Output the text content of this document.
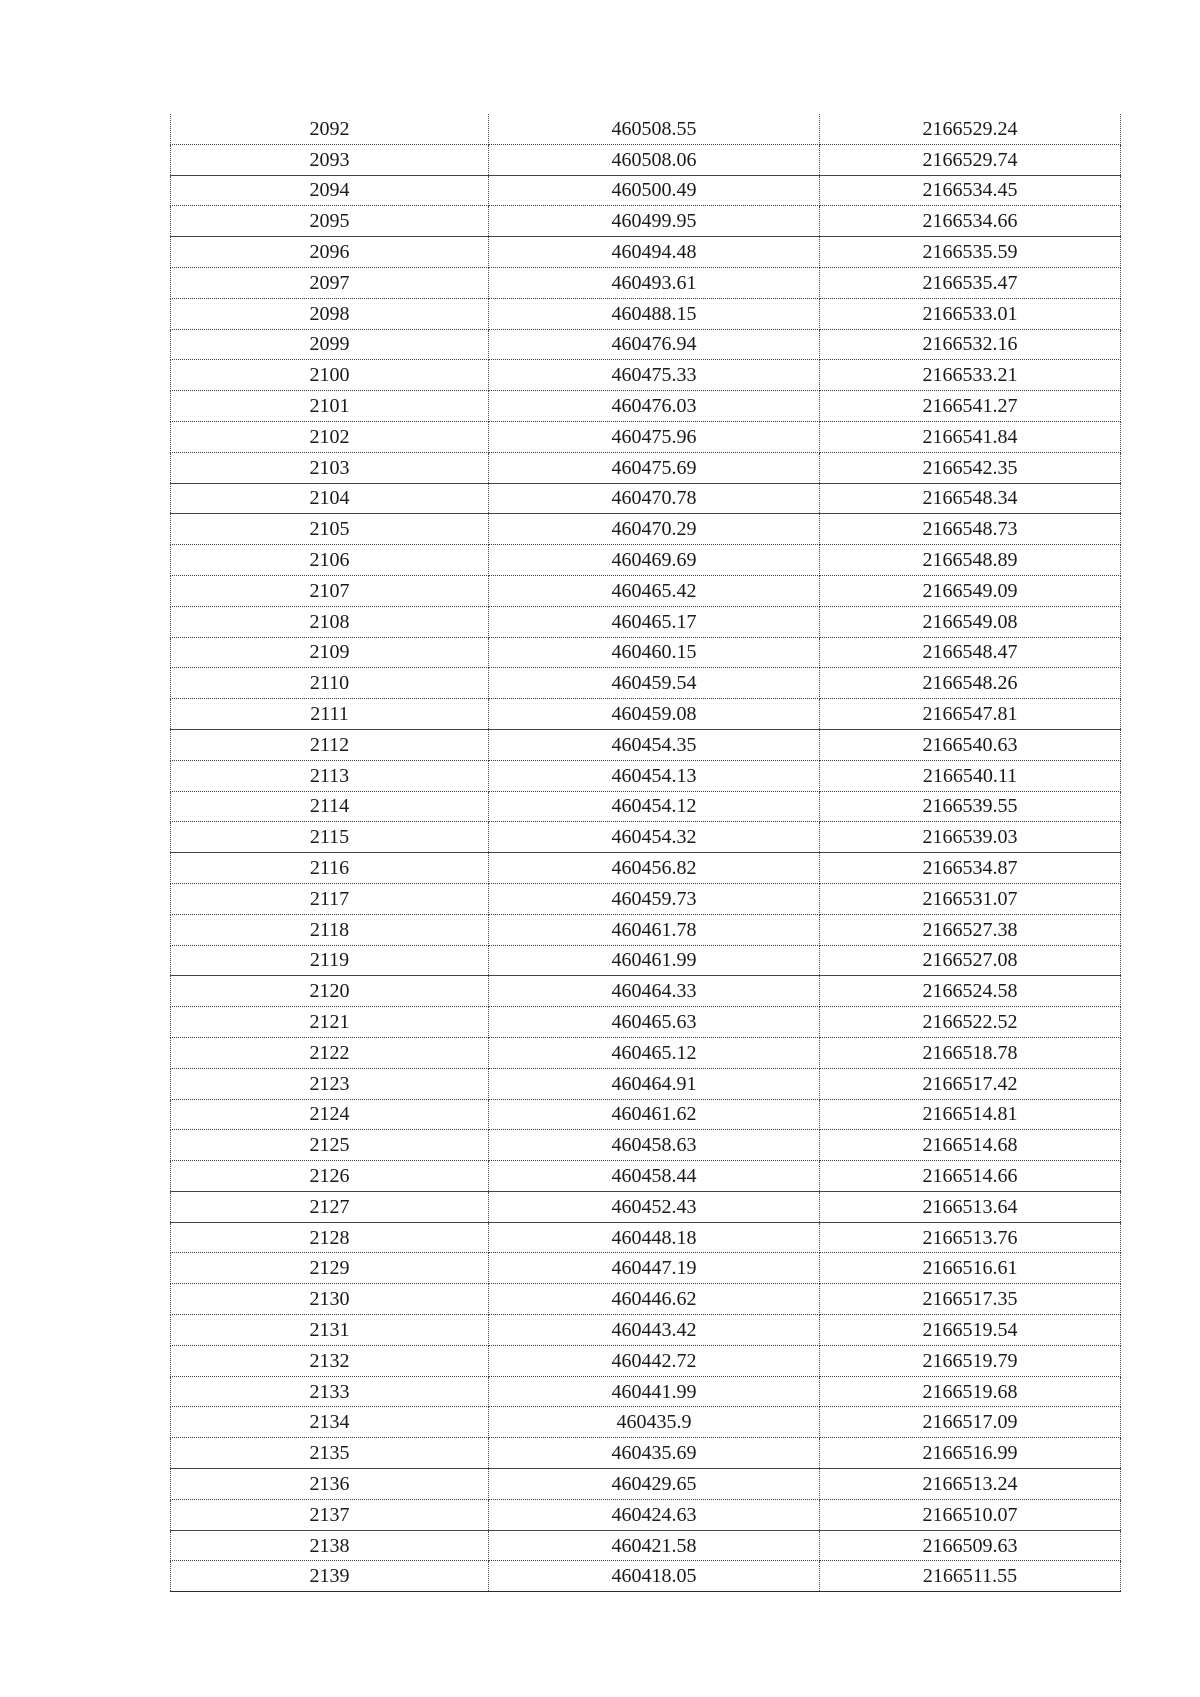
2092	460508.55	2166529.24
2093	460508.06	2166529.74
2094	460500.49	2166534.45
2095	460499.95	2166534.66
2096	460494.48	2166535.59
2097	460493.61	2166535.47
2098	460488.15	2166533.01
2099	460476.94	2166532.16
2100	460475.33	2166533.21
2101	460476.03	2166541.27
2102	460475.96	2166541.84
2103	460475.69	2166542.35
2104	460470.78	2166548.34
2105	460470.29	2166548.73
2106	460469.69	2166548.89
2107	460465.42	2166549.09
2108	460465.17	2166549.08
2109	460460.15	2166548.47
2110	460459.54	2166548.26
2111	460459.08	2166547.81
2112	460454.35	2166540.63
2113	460454.13	2166540.11
2114	460454.12	2166539.55
2115	460454.32	2166539.03
2116	460456.82	2166534.87
2117	460459.73	2166531.07
2118	460461.78	2166527.38
2119	460461.99	2166527.08
2120	460464.33	2166524.58
2121	460465.63	2166522.52
2122	460465.12	2166518.78
2123	460464.91	2166517.42
2124	460461.62	2166514.81
2125	460458.63	2166514.68
2126	460458.44	2166514.66
2127	460452.43	2166513.64
2128	460448.18	2166513.76
2129	460447.19	2166516.61
2130	460446.62	2166517.35
2131	460443.42	2166519.54
2132	460442.72	2166519.79
2133	460441.99	2166519.68
2134	460435.9	2166517.09
2135	460435.69	2166516.99
2136	460429.65	2166513.24
2137	460424.63	2166510.07
2138	460421.58	2166509.63
2139	460418.05	2166511.55
